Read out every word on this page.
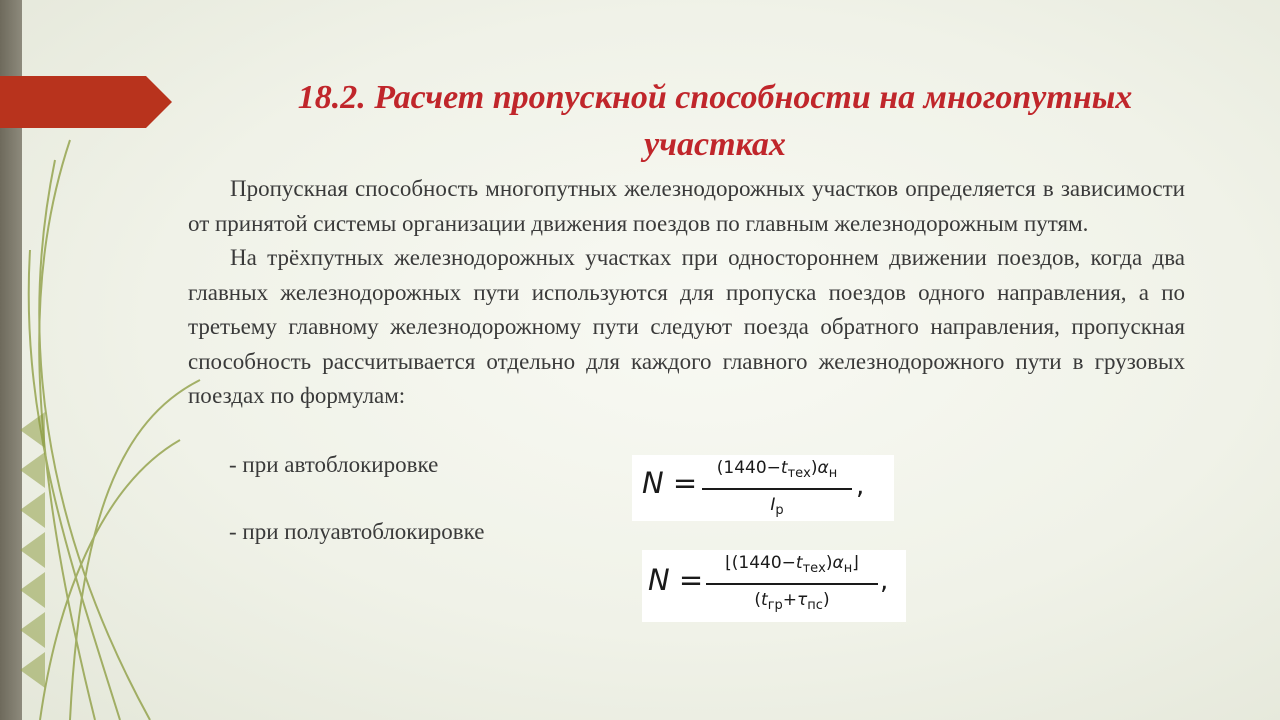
18.2. Расчет пропускной способности на многопутных участках

Пропускная способность многопутных железнодорожных участков определяется в зависимости от принятой системы организации движения поездов по главным железнодорожным путям.

На трёхпутных железнодорожных участках при одностороннем движении поездов, когда два главных железнодорожных пути используются для пропуска поездов одного направления, а по третьему главному железнодорожному пути следуют поезда обратного направления, пропускная способность рассчитывается отдельно для каждого главного железнодорожного пути в грузовых поездах по формулам:

- при автоблокировке
- при полуавтоблокировке
N =	$(1440-t_{тех})\alpha_н$
$I_р$
,
N =	$⌊(1440-t_{тех})\alpha_н⌋$
$(t_{гр}+\tau_{пс})$
,
